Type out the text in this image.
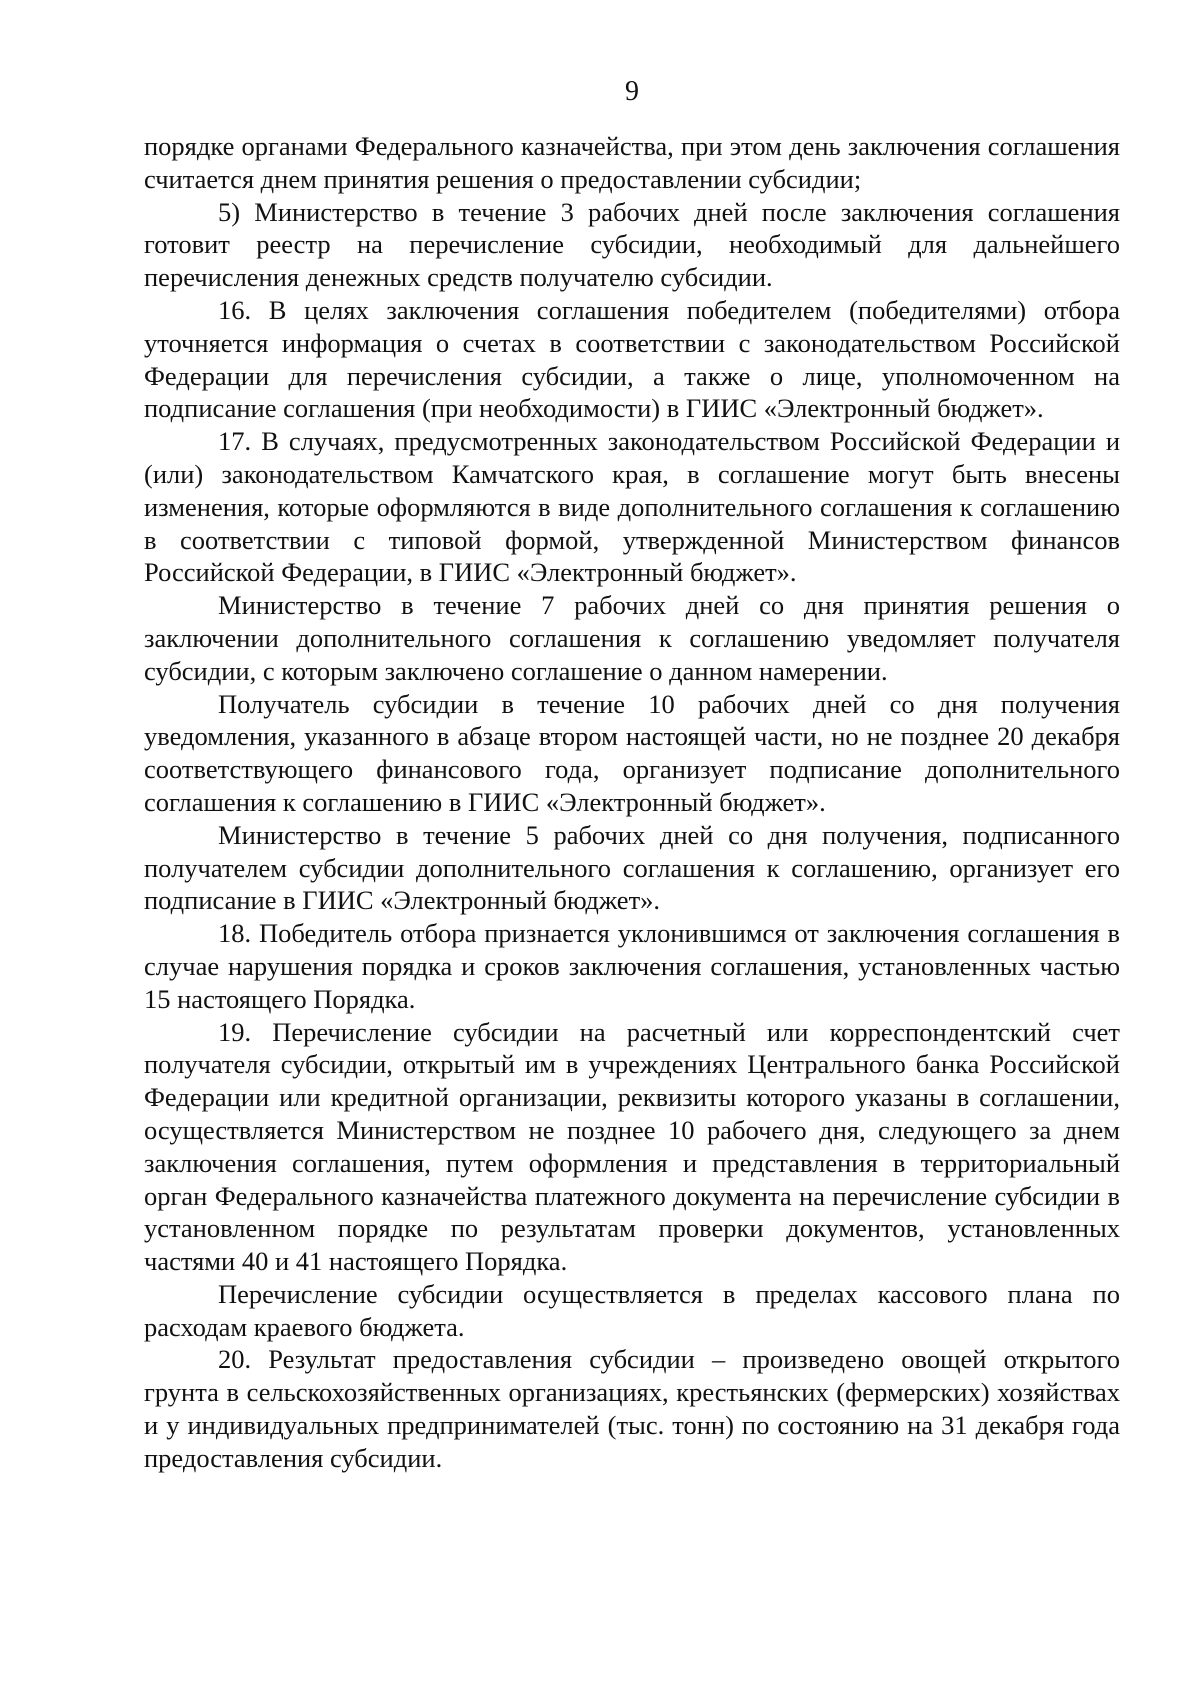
9

порядке органами Федерального казначейства, при этом день заключения соглашения считается днем принятия решения о предоставлении субсидии;

5) Министерство в течение 3 рабочих дней после заключения соглашения готовит реестр на перечисление субсидии, необходимый для дальнейшего перечисления денежных средств получателю субсидии.

16. В целях заключения соглашения победителем (победителями) отбора уточняется информация о счетах в соответствии с законодательством Российской Федерации для перечисления субсидии, а также о лице, уполномоченном на подписание соглашения (при необходимости) в ГИИС «Электронный бюджет».

17. В случаях, предусмотренных законодательством Российской Федерации и (или) законодательством Камчатского края, в соглашение могут быть внесены изменения, которые оформляются в виде дополнительного соглашения к соглашению в соответствии с типовой формой, утвержденной Министерством финансов Российской Федерации, в ГИИС «Электронный бюджет».

Министерство в течение 7 рабочих дней со дня принятия решения о заключении дополнительного соглашения к соглашению уведомляет получателя субсидии, с которым заключено соглашение о данном намерении.

Получатель субсидии в течение 10 рабочих дней со дня получения уведомления, указанного в абзаце втором настоящей части, но не позднее 20 декабря соответствующего финансового года, организует подписание дополнительного соглашения к соглашению в ГИИС «Электронный бюджет».

Министерство в течение 5 рабочих дней со дня получения, подписанного получателем субсидии дополнительного соглашения к соглашению, организует его подписание в ГИИС «Электронный бюджет».

18. Победитель отбора признается уклонившимся от заключения соглашения в случае нарушения порядка и сроков заключения соглашения, установленных частью 15 настоящего Порядка.

19. Перечисление субсидии на расчетный или корреспондентский счет получателя субсидии, открытый им в учреждениях Центрального банка Российской Федерации или кредитной организации, реквизиты которого указаны в соглашении, осуществляется Министерством не позднее 10 рабочего дня, следующего за днем заключения соглашения, путем оформления и представления в территориальный орган Федерального казначейства платежного документа на перечисление субсидии в установленном порядке по результатам проверки документов, установленных частями 40 и 41 настоящего Порядка.

Перечисление субсидии осуществляется в пределах кассового плана по расходам краевого бюджета.

20. Результат предоставления субсидии – произведено овощей открытого грунта в сельскохозяйственных организациях, крестьянских (фермерских) хозяйствах и у индивидуальных предпринимателей (тыс. тонн) по состоянию на 31 декабря года предоставления субсидии.
